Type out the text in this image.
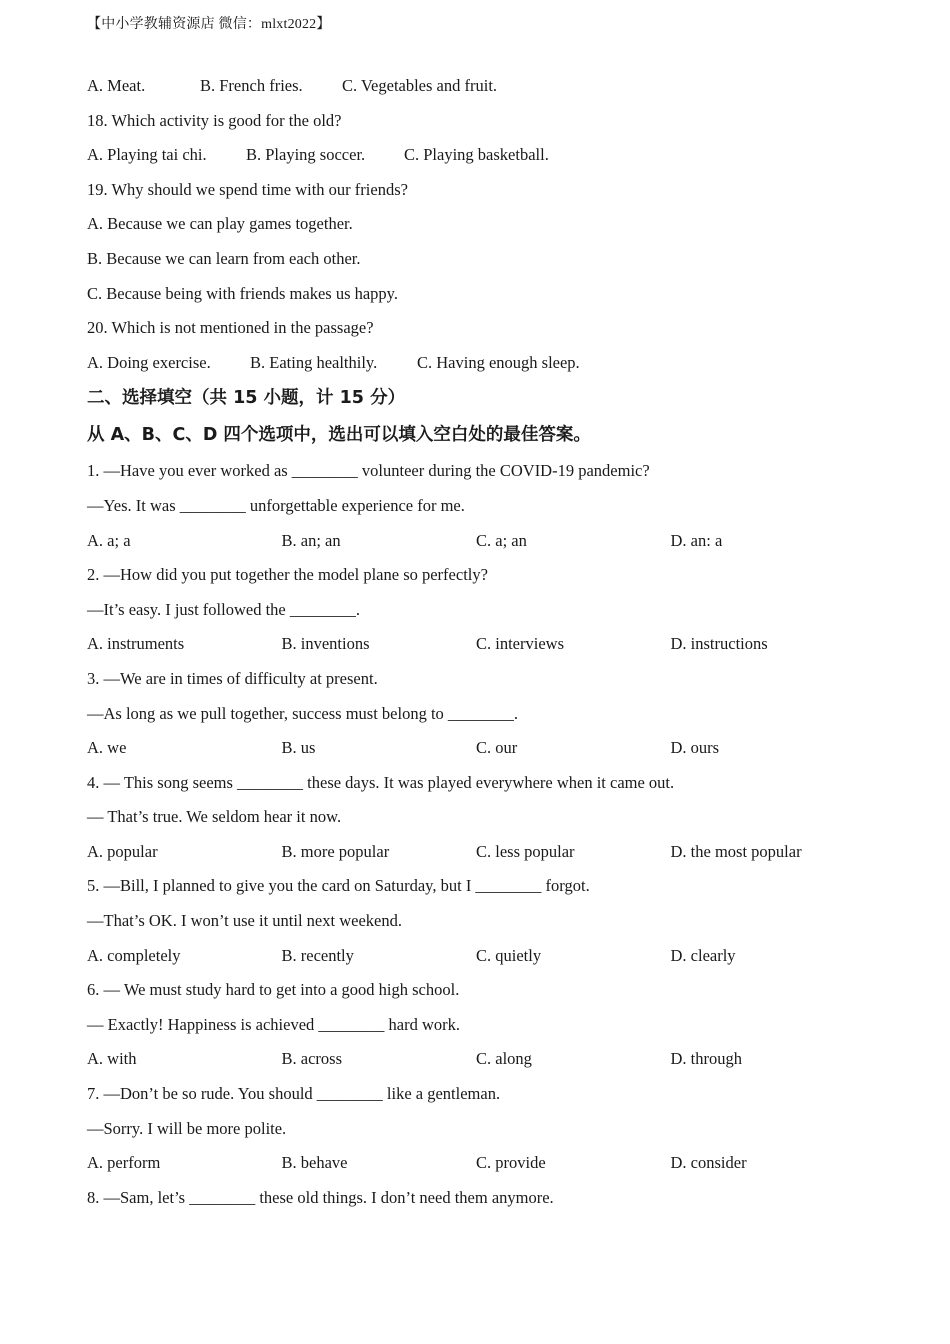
【中小学教辅资源店 微信：mlxt2022】
A. Meat.	B. French fries. C. Vegetables and fruit.
18. Which activity is good for the old?
A. Playing tai chi. B. Playing soccer. C. Playing basketball.
19. Why should we spend time with our friends?
A. Because we can play games together.
B. Because we can learn from each other.
C. Because being with friends makes us happy.
20. Which is not mentioned in the passage?
A. Doing exercise. B. Eating healthily. C. Having enough sleep.
二、选择填空（共 15 小题，计 15 分）
从 A、B、C、D 四个选项中，选出可以填入空白处的最佳答案。
1. —Have you ever worked as ________ volunteer during the COVID-19 pandemic?
—Yes. It was ________ unforgettable experience for me.
A. a; a	B. an; an	C. a; an	D. an: a
2. —How did you put together the model plane so perfectly?
—It’s easy. I just followed the ________.
A. instruments	B. inventions	C. interviews	D. instructions
3. —We are in times of difficulty at present.
—As long as we pull together, success must belong to ________.
A. we	B. us	C. our	D. ours
4. — This song seems ________ these days. It was played everywhere when it came out.
— That’s true. We seldom hear it now.
A. popular	B. more popular	C. less popular	D. the most popular
5. —Bill, I planned to give you the card on Saturday, but I ________ forgot.
—That’s OK. I won’t use it until next weekend.
A. completely	B. recently	C. quietly	D. clearly
6. — We must study hard to get into a good high school.
— Exactly! Happiness is achieved ________ hard work.
A. with	B. across	C. along	D. through
7. —Don’t be so rude. You should ________ like a gentleman.
—Sorry. I will be more polite.
A. perform	B. behave	C. provide	D. consider
8. —Sam, let’s ________ these old things. I don’t need them anymore.
